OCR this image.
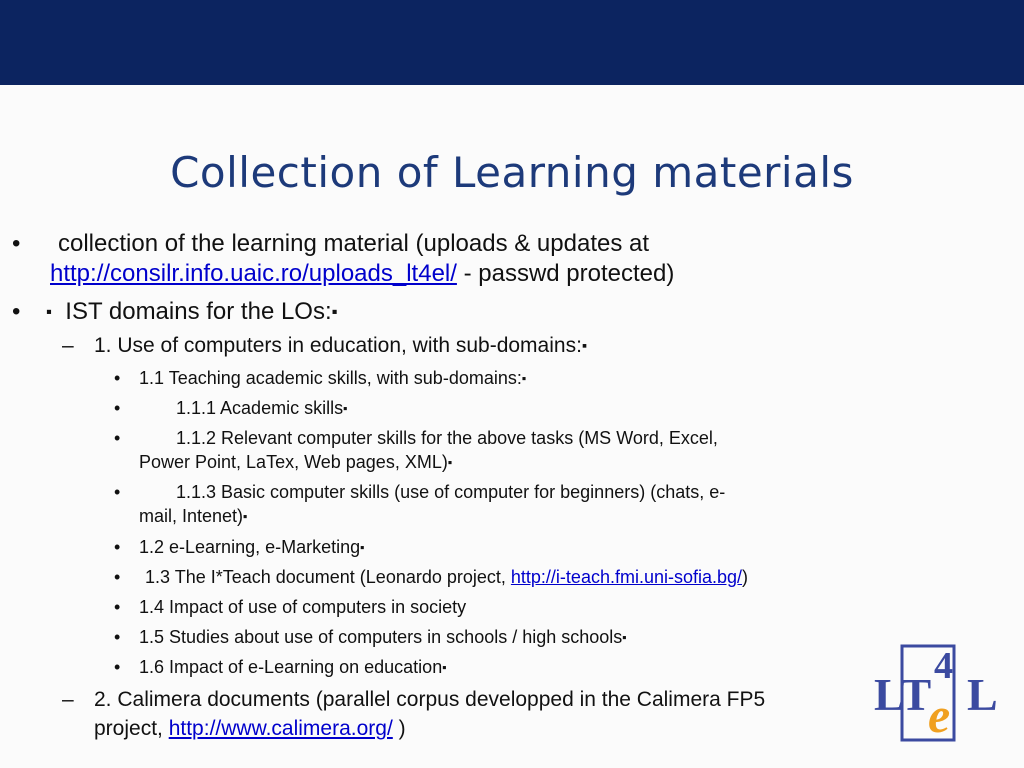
Collection of Learning materials
• collection of the learning material (uploads & updates at
http://consilr.info.uaic.ro/uploads_lt4el/ - passwd protected)
• ▪ IST domains for the LOs:▪
– 1. Use of computers in education, with sub-domains:▪
• 1.1 Teaching academic skills, with sub-domains:▪
•	1.1.1 Academic skills▪
•	1.1.2 Relevant computer skills for the above tasks (MS Word, Excel,
Power Point, LaTex, Web pages, XML)▪
•	1.1.3 Basic computer skills (use of computer for beginners) (chats, e-
mail, Intenet)▪
• 1.2 e-Learning, e-Marketing▪
• 1.3 The I*Teach document (Leonardo project, http://i-teach.fmi.uni-sofia.bg/)
• 1.4 Impact of use of computers in society
• 1.5 Studies about use of computers in schools / high schools▪
• 1.6 Impact of e-Learning on education▪
– 2. Calimera documents (parallel corpus developped in the Calimera FP5
project, http://www.calimera.org/ )
LT
4
e L
